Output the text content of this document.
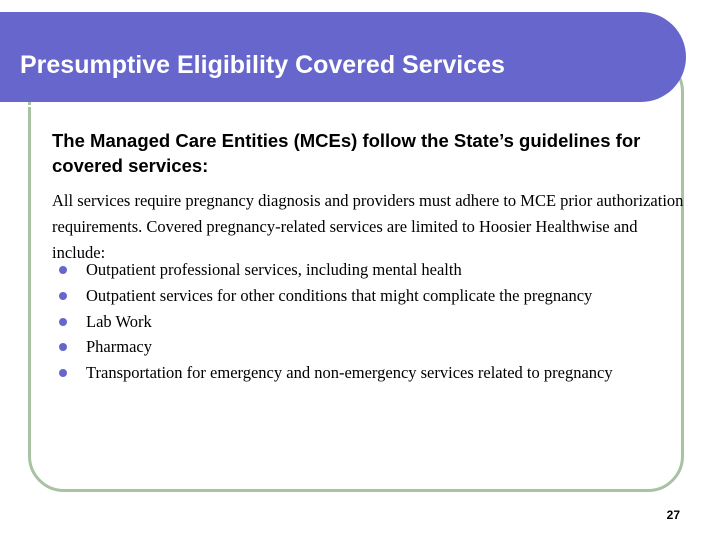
Presumptive Eligibility Covered Services

The Managed Care Entities (MCEs) follow the State’s guidelines for covered services:

All services require pregnancy diagnosis and providers must adhere to MCE prior authorization requirements. Covered pregnancy-related services are limited to Hoosier Healthwise and include:

Outpatient professional services, including mental health
Outpatient services for other conditions that might complicate the pregnancy
Lab Work
Pharmacy
Transportation for emergency and non-emergency services related to pregnancy
27
